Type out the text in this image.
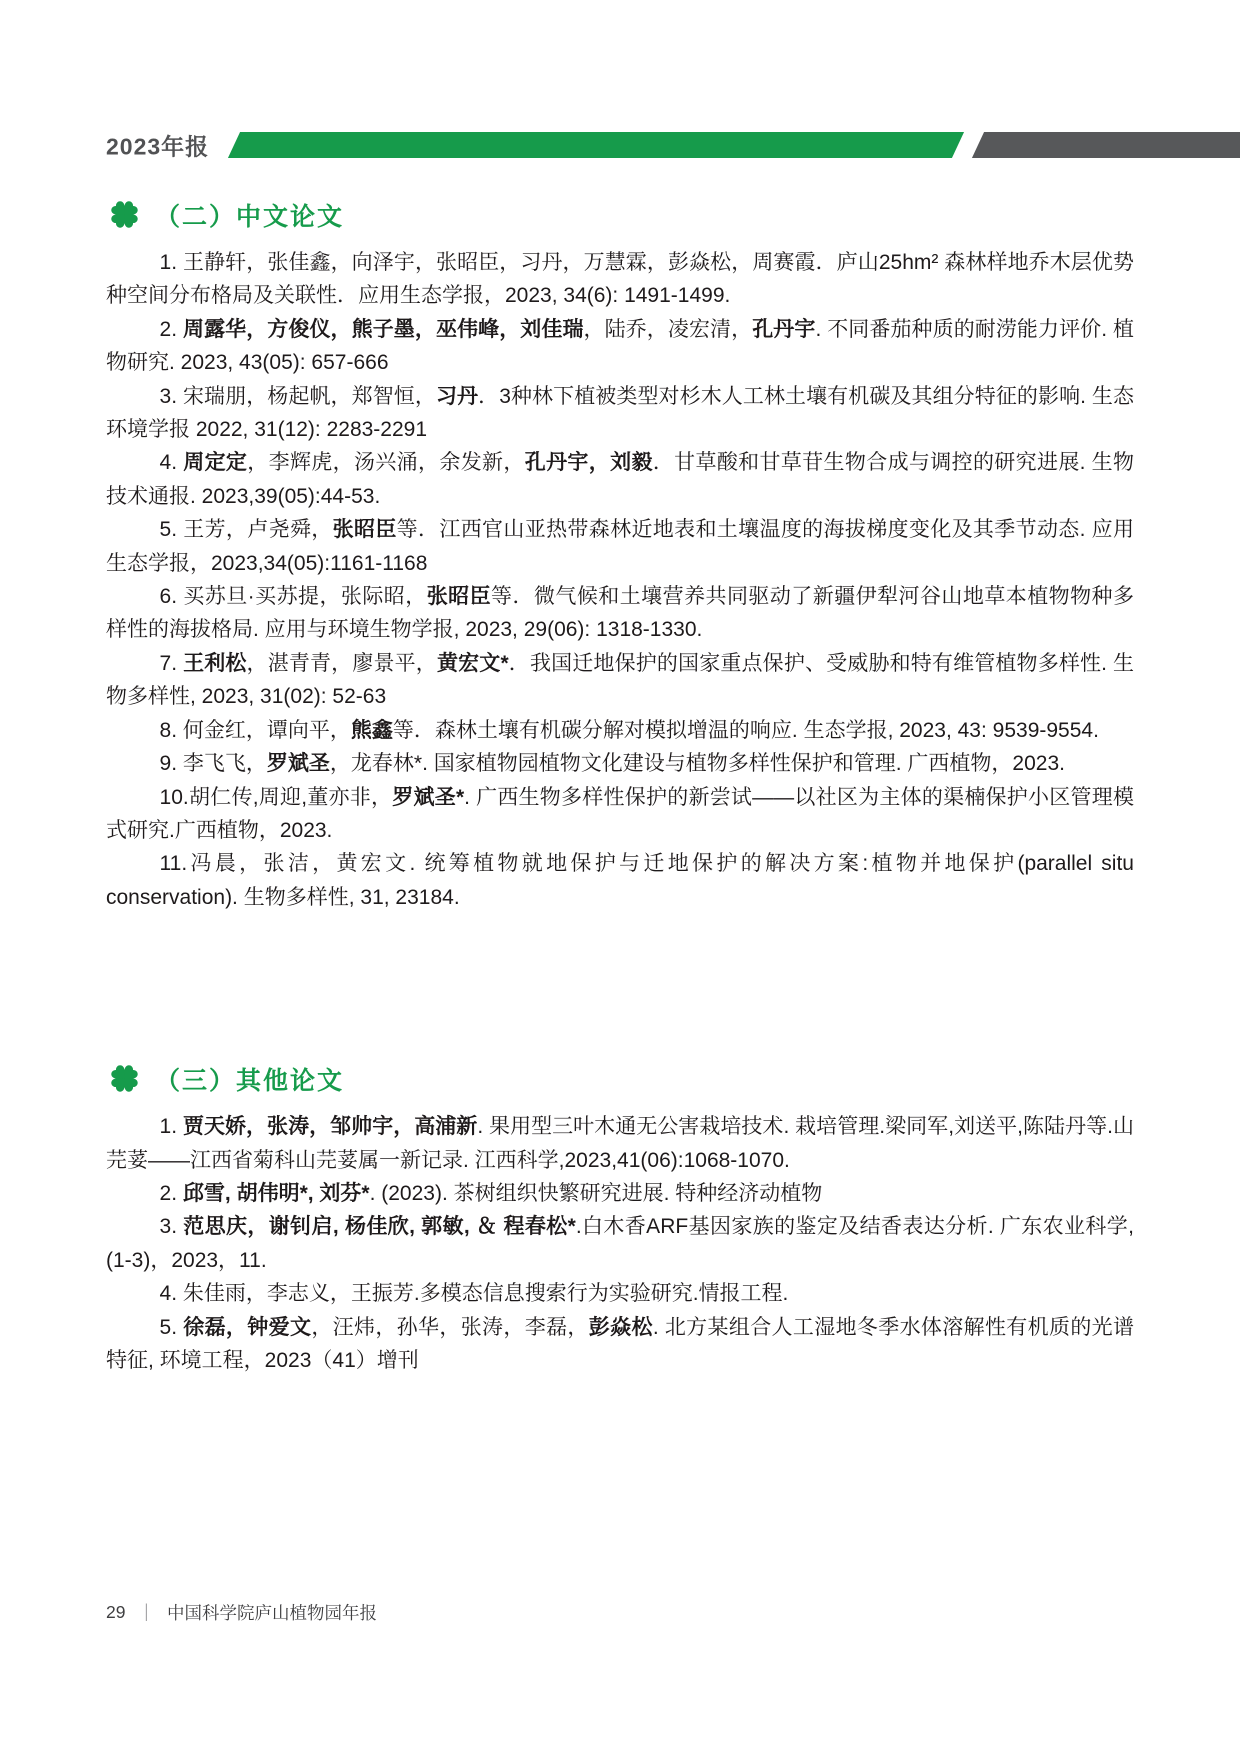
2023年报
（二）中文论文

1. 王静轩，张佳鑫，向泽宇，张昭臣，习丹，万慧霖，彭焱松，周赛霞．庐山25hm² 森林样地乔木层优势种空间分布格局及关联性．应用生态学报，2023, 34(6): 1491-1499.

2. 周露华，方俊仪，熊子墨，巫伟峰，刘佳瑞，陆乔，凌宏清，孔丹宇. 不同番茄种质的耐涝能力评价. 植物研究. 2023, 43(05): 657-666

3. 宋瑞朋，杨起帆，郑智恒，习丹．3种林下植被类型对杉木人工林土壤有机碳及其组分特征的影响. 生态环境学报 2022, 31(12): 2283-2291

4. 周定定，李辉虎，汤兴涌，余发新，孔丹宇，刘毅．甘草酸和甘草苷生物合成与调控的研究进展. 生物技术通报. 2023,39(05):44-53.

5. 王芳，卢尧舜，张昭臣等．江西官山亚热带森林近地表和土壤温度的海拔梯度变化及其季节动态. 应用生态学报，2023,34(05):1161-1168

6. 买苏旦·买苏提，张际昭，张昭臣等．微气候和土壤营养共同驱动了新疆伊犁河谷山地草本植物物种多样性的海拔格局. 应用与环境生物学报, 2023, 29(06): 1318-1330.

7. 王利松，湛青青，廖景平，黄宏文*．我国迁地保护的国家重点保护、受威胁和特有维管植物多样性. 生物多样性, 2023, 31(02): 52-63

8. 何金红，谭向平，熊鑫等．森林土壤有机碳分解对模拟增温的响应. 生态学报, 2023, 43: 9539-9554.

9. 李飞飞，罗斌圣，龙春林*. 国家植物园植物文化建设与植物多样性保护和管理. 广西植物，2023.

10.胡仁传,周迎,董亦非，罗斌圣*. 广西生物多样性保护的新尝试——以社区为主体的渠楠保护小区管理模式研究.广西植物，2023.

11.冯晨，张洁，黄宏文. 统筹植物就地保护与迁地保护的解决方案:植物并地保护(parallel situ conservation). 生物多样性, 31, 23184.

（三）其他论文

1. 贾天娇，张涛，邹帅宇，高浦新. 果用型三叶木通无公害栽培技术. 栽培管理.梁同军,刘送平,陈陆丹等.山芫荽——江西省菊科山芫荽属一新记录. 江西科学,2023,41(06):1068-1070.

2. 邱雪, 胡伟明*, 刘芬*. (2023). 茶树组织快繁研究进展. 特种经济动植物

3. 范思庆，谢钊启, 杨佳欣, 郭敏, ＆ 程春松*.白木香ARF基因家族的鉴定及结香表达分析. 广东农业科学, (1-3)，2023，11.

4. 朱佳雨，李志义，王振芳.多模态信息搜索行为实验研究.情报工程.

5. 徐磊，钟爱文，汪炜，孙华，张涛，李磊，彭焱松. 北方某组合人工湿地冬季水体溶解性有机质的光谱特征, 环境工程，2023（41）增刊

29 ｜ 中国科学院庐山植物园年报
